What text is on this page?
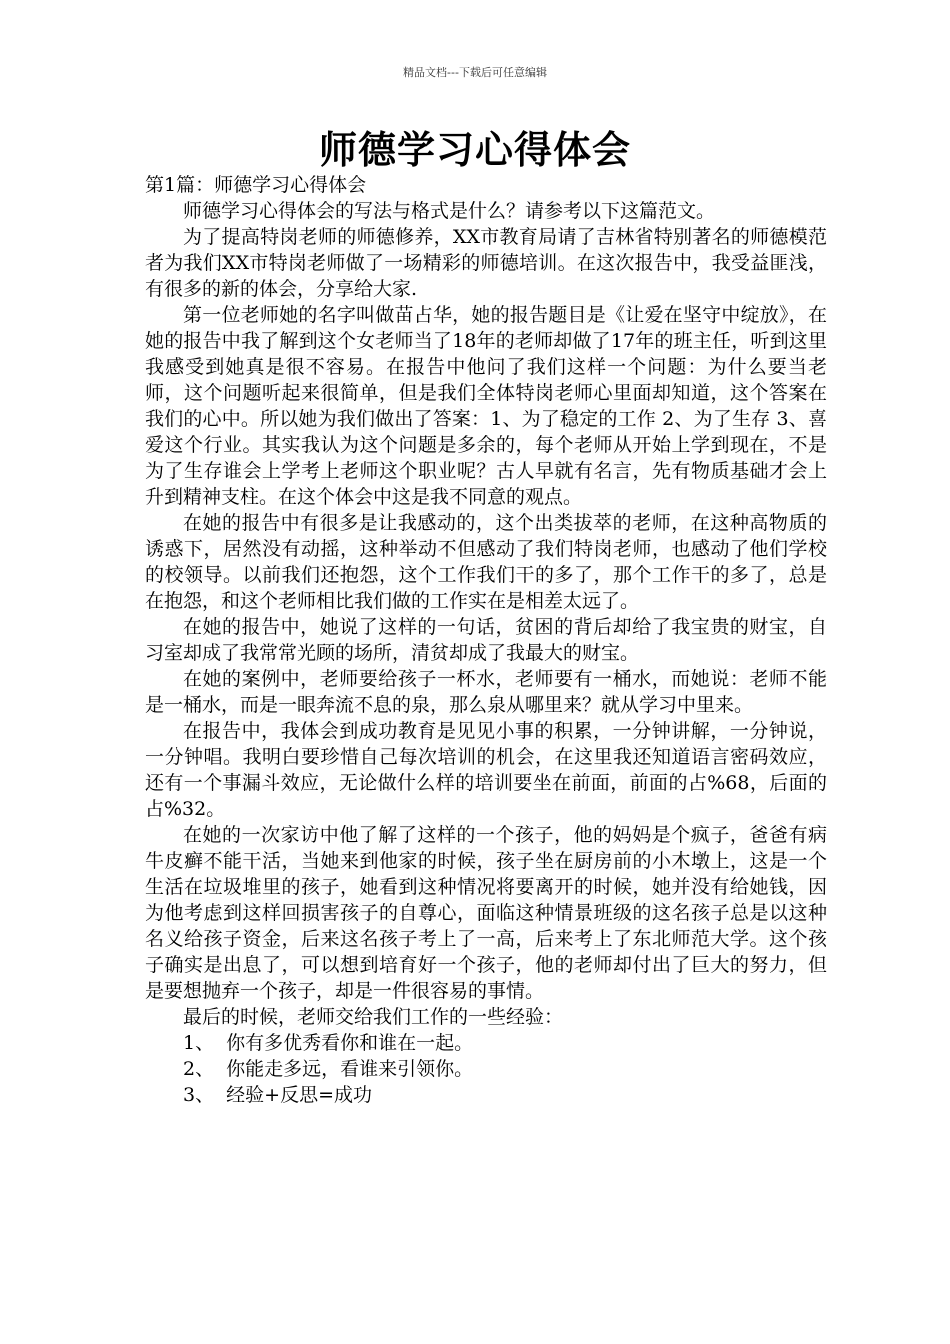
精品文档---下载后可任意编辑
师德学习心得体会

第1篇：师德学习心得体会

师德学习心得体会的写法与格式是什么？请参考以下这篇范文。

为了提高特岗老师的师德修养，XX市教育局请了吉林省特别著名的师德模范者为我们XX市特岗老师做了一场精彩的师德培训。在这次报告中，我受益匪浅，有很多的新的体会，分享给大家.

第一位老师她的名字叫做苗占华，她的报告题目是《让爱在坚守中绽放》，在她的报告中我了解到这个女老师当了18年的老师却做了17年的班主任，听到这里我感受到她真是很不容易。在报告中他问了我们这样一个问题：为什么要当老师，这个问题听起来很简单，但是我们全体特岗老师心里面却知道，这个答案在我们的心中。所以她为我们做出了答案：1、为了稳定的工作 2、为了生存 3、喜爱这个行业。其实我认为这个问题是多余的，每个老师从开始上学到现在，不是为了生存谁会上学考上老师这个职业呢？古人早就有名言，先有物质基础才会上升到精神支柱。在这个体会中这是我不同意的观点。

在她的报告中有很多是让我感动的，这个出类拔萃的老师，在这种高物质的诱惑下，居然没有动摇，这种举动不但感动了我们特岗老师，也感动了他们学校的校领导。以前我们还抱怨，这个工作我们干的多了，那个工作干的多了，总是在抱怨，和这个老师相比我们做的工作实在是相差太远了。

在她的报告中，她说了这样的一句话，贫困的背后却给了我宝贵的财宝，自习室却成了我常常光顾的场所，清贫却成了我最大的财宝。

在她的案例中，老师要给孩子一杯水，老师要有一桶水，而她说：老师不能是一桶水，而是一眼奔流不息的泉，那么泉从哪里来？就从学习中里来。

在报告中，我体会到成功教育是见见小事的积累，一分钟讲解，一分钟说，一分钟唱。我明白要珍惜自己每次培训的机会，在这里我还知道语言密码效应，还有一个事漏斗效应，无论做什么样的培训要坐在前面，前面的占%68，后面的占%32。

在她的一次家访中他了解了这样的一个孩子，他的妈妈是个疯子，爸爸有病牛皮癣不能干活，当她来到他家的时候，孩子坐在厨房前的小木墩上，这是一个生活在垃圾堆里的孩子，她看到这种情况将要离开的时候，她并没有给她钱，因为他考虑到这样回损害孩子的自尊心，面临这种情景班级的这名孩子总是以这种名义给孩子资金，后来这名孩子考上了一高，后来考上了东北师范大学。这个孩子确实是出息了，可以想到培育好一个孩子，他的老师却付出了巨大的努力，但是要想抛弃一个孩子，却是一件很容易的事情。

最后的时候，老师交给我们工作的一些经验：

1、  你有多优秀看你和谁在一起。

2、  你能走多远，看谁来引领你。

3、  经验+反思=成功
